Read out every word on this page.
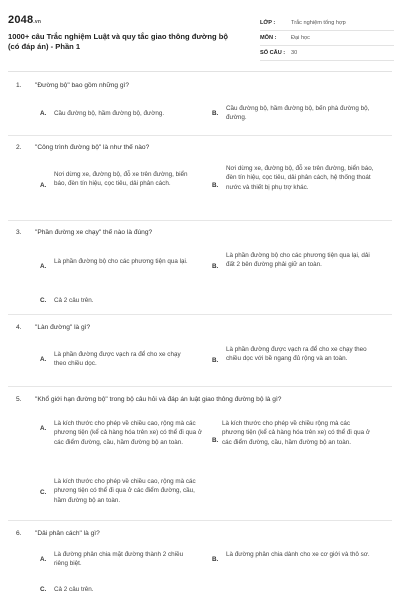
2048.vn
1000+ câu Trắc nghiệm Luật và quy tắc giao thông đường bộ (có đáp án) - Phần 1
LỚP :	Trắc nghiệm tổng hợp
MÔN :	Đại học
SỐ CÂU : 30
1. "Đường bộ" bao gồm những gì?
A. Cầu đường bộ, hầm đường bộ, đường.	B.
Cầu đường bộ, hầm đường bộ, bến phà đường bộ, đường.
2. "Công trình đường bộ" là như thế nào?
A.
Nơi dừng xe, đường bộ, đỗ xe trên đường, biển báo, đèn tín hiệu, cọc tiêu, dải phân cách.	B.
Nơi dừng xe, đường bộ, đỗ xe trên đường, biển báo, đèn tín hiệu, cọc tiêu, dải phân cách, hệ thống thoát nước và thiết bị phụ trợ khác.
3. "Phần đường xe chạy" thế nào là đúng?
A.
Là phần đường bộ cho các phương tiện qua lại.
B.
Là phần đường bộ cho các phương tiện qua lại, dải đất 2 bên đường phải giữ an toàn.
C. Cả 2 câu trên.
4. "Làn đường" là gì?
A.
Là phần đường được vạch ra để cho xe chạy theo chiều dọc.	B.
Là phần đường được vạch ra để cho xe chạy theo chiều dọc với bề ngang đủ rộng và an toàn.
5. "Khổ giới hạn đường bộ" trong bộ câu hỏi và đáp án luật giao thông đường bộ là gì?
A.
Là kích thước cho phép về chiều cao, rộng mà các phương tiện (kể cả hàng hóa trên xe) có thể đi qua ở các điểm đường, cầu, hầm đường bộ an toàn.	B.
Là kích thước cho phép về chiều rộng mà các phương tiện (kể cả hàng hóa trên xe) có thể đi qua ở các điểm đường, cầu, hầm đường bộ an toàn.
C.
Là kích thước cho phép về chiều cao, rộng mà các phương tiện có thể đi qua ở các điểm đường, cầu, hầm đường bộ an toàn.
6. "Dải phân cách" là gì?
A.
Là đường phân chia mặt đường thành 2 chiều riêng biệt.
B.
Là đường phân chia dành cho xe cơ giới và thô sơ.
C. Cả 2 câu trên.
